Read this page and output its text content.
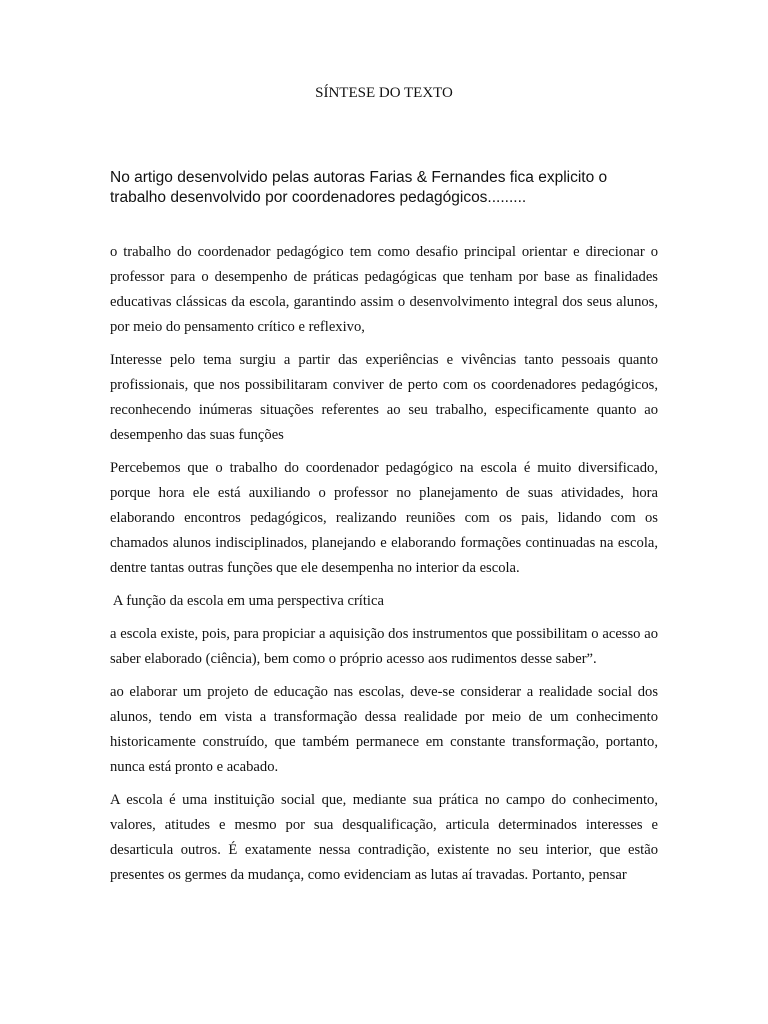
SÍNTESE DO TEXTO
No artigo desenvolvido pelas autoras Farias & Fernandes fica explicito o trabalho desenvolvido por coordenadores pedagógicos.........

o trabalho do coordenador pedagógico tem como desafio principal orientar e direcionar o professor para o desempenho de práticas pedagógicas que tenham por base as finalidades educativas clássicas da escola, garantindo assim o desenvolvimento integral dos seus alunos, por meio do pensamento crítico e reflexivo,

Interesse pelo tema surgiu a partir das experiências e vivências tanto pessoais quanto profissionais, que nos possibilitaram conviver de perto com os coordenadores pedagógicos, reconhecendo inúmeras situações referentes ao seu trabalho, especificamente quanto ao desempenho das suas funções

Percebemos que o trabalho do coordenador pedagógico na escola é muito diversificado, porque hora ele está auxiliando o professor no planejamento de suas atividades, hora elaborando encontros pedagógicos, realizando reuniões com os pais, lidando com os chamados alunos indisciplinados, planejando e elaborando formações continuadas na escola, dentre tantas outras funções que ele desempenha no interior da escola.

A função da escola em uma perspectiva crítica

a escola existe, pois, para propiciar a aquisição dos instrumentos que possibilitam o acesso ao saber elaborado (ciência), bem como o próprio acesso aos rudimentos desse saber”.

ao elaborar um projeto de educação nas escolas, deve-se considerar a realidade social dos alunos, tendo em vista a transformação dessa realidade por meio de um conhecimento historicamente construído, que também permanece em constante transformação, portanto, nunca está pronto e acabado.

A escola é uma instituição social que, mediante sua prática no campo do conhecimento, valores, atitudes e mesmo por sua desqualificação, articula determinados interesses e desarticula outros. É exatamente nessa contradição, existente no seu interior, que estão presentes os germes da mudança, como evidenciam as lutas aí travadas. Portanto, pensar
